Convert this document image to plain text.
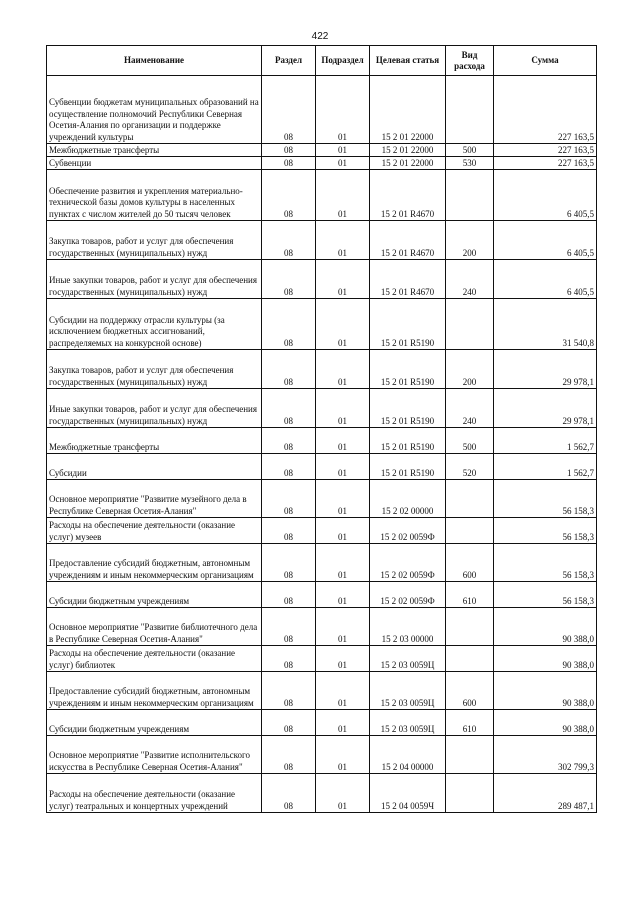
422
Наименование	Раздел	Подраздел	Целевая статья	Вид расхода	Сумма
Субвенции бюджетам муниципальных образований на осуществление полномочий Республики Северная Осетия-Алания по организации и поддержке учреждений культуры	08	01	15 2 01 22000		227 163,5
Межбюджетные трансферты	08	01	15 2 01 22000	500	227 163,5
Субвенции	08	01	15 2 01 22000	530	227 163,5
Обеспечение развития и укрепления материально-технической базы домов культуры в населенных пунктах с числом жителей до 50 тысяч человек	08	01	15 2 01 R4670		6 405,5
Закупка товаров, работ и услуг для обеспечения государственных (муниципальных) нужд	08	01	15 2 01 R4670	200	6 405,5
Иные закупки товаров, работ и услуг для обеспечения государственных (муниципальных) нужд	08	01	15 2 01 R4670	240	6 405,5
Субсидии на поддержку отрасли культуры (за исключением бюджетных ассигнований, распределяемых на конкурсной основе)	08	01	15 2 01 R5190		31 540,8
Закупка товаров, работ и услуг для обеспечения государственных (муниципальных) нужд	08	01	15 2 01 R5190	200	29 978,1
Иные закупки товаров, работ и услуг для обеспечения государственных (муниципальных) нужд	08	01	15 2 01 R5190	240	29 978,1
Межбюджетные трансферты	08	01	15 2 01 R5190	500	1 562,7
Субсидии	08	01	15 2 01 R5190	520	1 562,7
Основное мероприятие "Развитие музейного дела в Республике Северная Осетия-Алания"	08	01	15 2 02 00000		56 158,3
Расходы на обеспечение деятельности (оказание услуг) музеев	08	01	15 2 02 0059Ф		56 158,3
Предоставление субсидий бюджетным, автономным учреждениям и иным некоммерческим организациям	08	01	15 2 02 0059Ф	600	56 158,3
Субсидии бюджетным учреждениям	08	01	15 2 02 0059Ф	610	56 158,3
Основное мероприятие "Развитие библиотечного дела в Республике Северная Осетия-Алания"	08	01	15 2 03 00000		90 388,0
Расходы на обеспечение деятельности (оказание услуг) библиотек	08	01	15 2 03 0059Ц		90 388,0
Предоставление субсидий бюджетным, автономным учреждениям и иным некоммерческим организациям	08	01	15 2 03 0059Ц	600	90 388,0
Субсидии бюджетным учреждениям	08	01	15 2 03 0059Ц	610	90 388,0
Основное мероприятие "Развитие исполнительского искусства в Республике Северная Осетия-Алания"	08	01	15 2 04 00000		302 799,3
Расходы на обеспечение деятельности (оказание услуг) театральных и концертных учреждений	08	01	15 2 04 0059Ч		289 487,1
